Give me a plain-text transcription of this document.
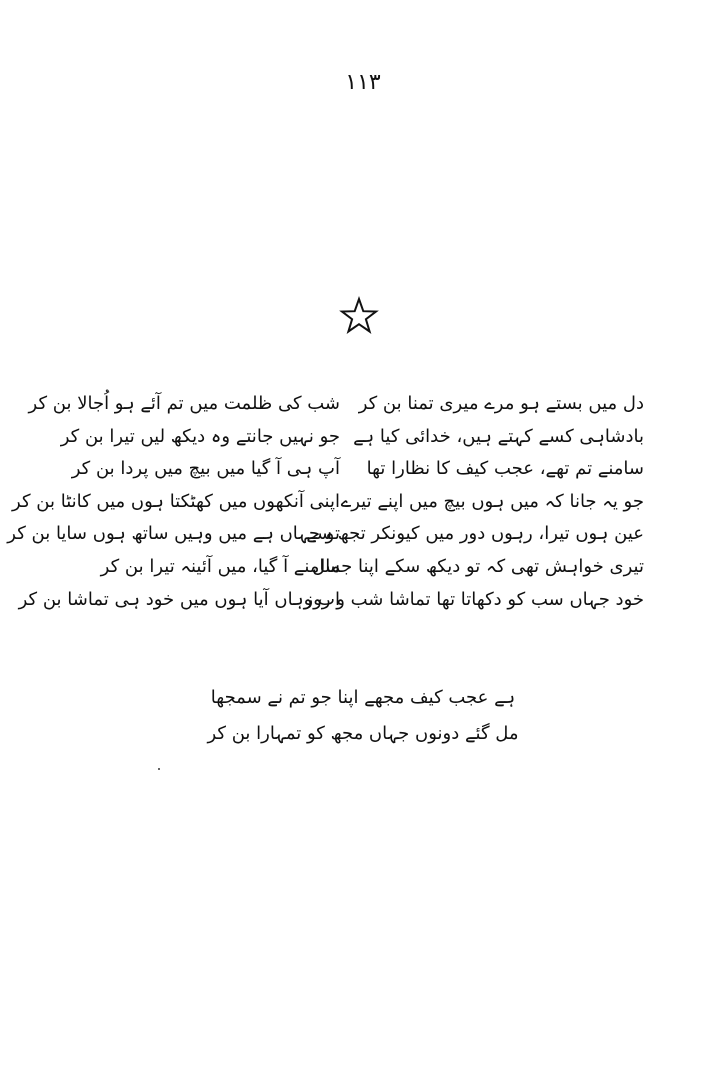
۱۱۳
دل میں بستے ہو مرے میری تمنا بن کر
بادشاہی کسے کہتے ہیں، خدائی کیا ہے
سامنے تم تھے، عجب کیف کا نظارا تھا
جو یہ جانا کہ میں ہوں بیچ میں اپنے تیرے
عین ہوں تیرا، رہوں دور میں کیونکر تجھ سے
تیری خواہش تھی کہ تو دیکھ سکے اپنا جمال
خود جہاں سب کو دکھاتا تھا تماشا شب و روز
شب کی ظلمت میں تم آئے ہو اُجالا بن کر
جو نہیں جانتے وہ دیکھ لیں تیرا بن کر
آپ ہی آ گیا میں بیچ میں پردا بن کر
اپنی آنکھوں میں کھٹکتا ہوں میں کانٹا بن کر
تو جہاں ہے میں وہیں ساتھ ہوں سایا بن کر
سامنے آ گیا، میں آئینہ تیرا بن کر
اب وہاں آیا ہوں میں خود ہی تماشا بن کر
ہے عجب کیف مجھے اپنا جو تم نے سمجھا
مل گئے دونوں جہاں مجھ کو تمہارا بن کر
